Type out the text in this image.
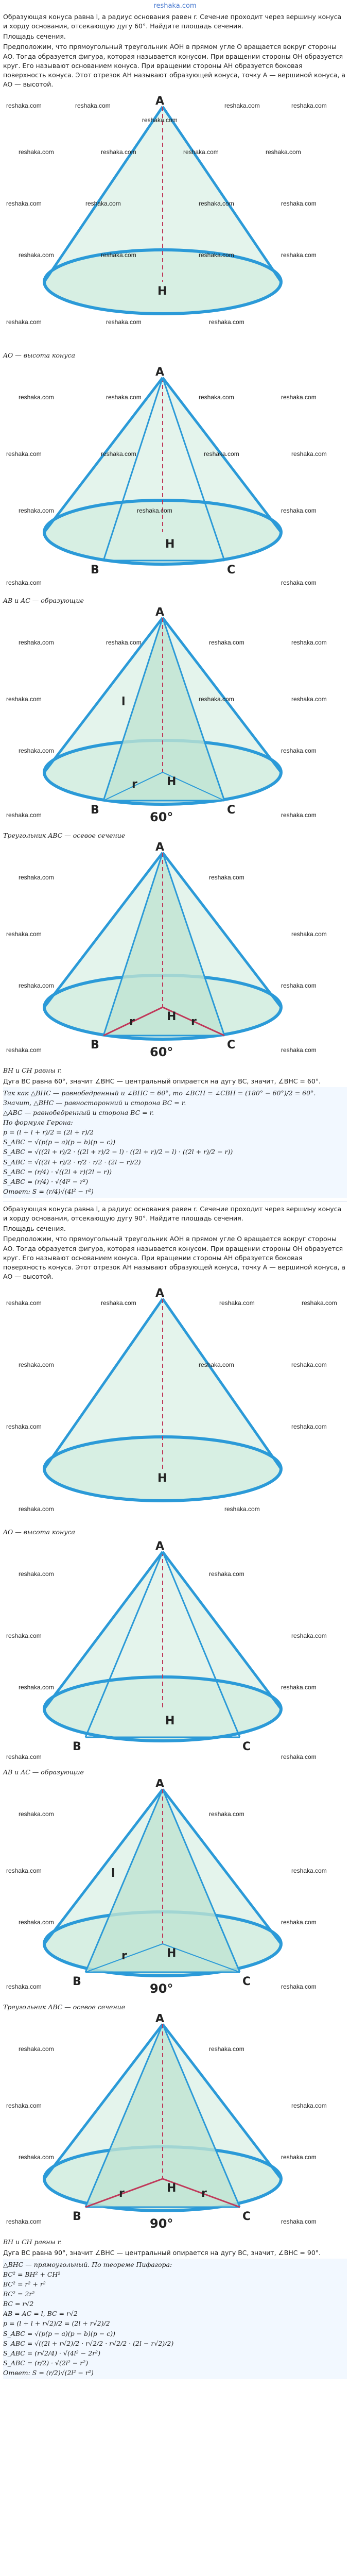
reshaka.com

Образующая конуса равна l, а радиус основания равен r. Сечение проходит через вершину конуса и хорду основания, отсекающую дугу 60°. Найдите площадь сечения.

Площадь сечения.

Предположим, что прямоугольный треугольник AOH в прямом угле O вращается вокруг стороны AO. Тогда образуется фигура, которая называется конусом. При вращении стороны OH образуется круг. Его называют основанием конуса. При вращении стороны AH образуется боковая поверхность конуса. Этот отрезок AH называют образующей конуса, точку A — вершиной конуса, а AO — высотой.

A
H
reshaka.com	reshaka.com
reshaka.com
reshaka.com	reshaka.com
reshaka.com	reshaka.com	reshaka.com	reshaka.com
reshaka.com	reshaka.com	reshaka.com	reshaka.com
reshaka.com	reshaka.com	reshaka.com	reshaka.com
reshaka.com	reshaka.com	reshaka.com

AO — высота конуса

A
H
B	C
reshaka.com	reshaka.com	reshaka.com	reshaka.com
reshaka.com	reshaka.com	reshaka.com	reshaka.com
reshaka.com	reshaka.com	reshaka.com
reshaka.com	reshaka.com

AB и AC — образующие

A
H
B	C
l
r
60°
reshaka.com	reshaka.com	reshaka.com	reshaka.com
reshaka.com	reshaka.com	reshaka.com
reshaka.com	reshaka.com
reshaka.com	reshaka.com

Треугольник ABC — осевое сечение

A
H
B	C
r	r
60°
reshaka.com	reshaka.com
reshaka.com	reshaka.com
reshaka.com	reshaka.com
reshaka.com	reshaka.com

BH и CH равны r.

Дуга BC равна 60°, значит ∠BHC — центральный опирается на дугу BC, значит, ∠BHC = 60°.

Так как △BHC — равнобедренный и ∠BHC = 60°, то ∠BCH = ∠CBH = (180° − 60°)/2 = 60°.

Значит, △BHC — равносторонний и сторона BC = r.

△ABC — равнобедренный и сторона BC = r.

По формуле Герона:

p = (l + l + r)/2 = (2l + r)/2

S_ABC = √(p(p − a)(p − b)(p − c))

S_ABC = √((2l + r)/2 · ((2l + r)/2 − l) · ((2l + r)/2 − l) · ((2l + r)/2 − r))

S_ABC = √((2l + r)/2 · r/2 · r/2 · (2l − r)/2)

S_ABC = (r/4) · √((2l + r)(2l − r))

S_ABC = (r/4) · √(4l² − r²)

Ответ: S = (r/4)√(4l² − r²)

Образующая конуса равна l, а радиус основания равен r. Сечение проходит через вершину конуса и хорду основания, отсекающую дугу 90°. Найдите площадь сечения.

Площадь сечения.

Предположим, что прямоугольный треугольник AOH в прямом угле O вращается вокруг стороны AO. Тогда образуется фигура, которая называется конусом. При вращении стороны OH образуется круг. Его называют основанием конуса. При вращении стороны AH образуется боковая поверхность конуса. Этот отрезок AH называют образующей конуса, точку A — вершиной конуса, а AO — высотой.

A
H
reshaka.com	reshaka.com	reshaka.com	reshaka.com
reshaka.com	reshaka.com	reshaka.com
reshaka.com	reshaka.com
reshaka.com	reshaka.com

AO — высота конуса

A
H
B	C
reshaka.com	reshaka.com
reshaka.com	reshaka.com
reshaka.com	reshaka.com
reshaka.com	reshaka.com

AB и AC — образующие

A
H
B	C
l
r
90°
reshaka.com	reshaka.com
reshaka.com	reshaka.com
reshaka.com	reshaka.com
reshaka.com	reshaka.com

Треугольник ABC — осевое сечение

A
H
B	C
r	r
90°
reshaka.com	reshaka.com
reshaka.com	reshaka.com
reshaka.com	reshaka.com
reshaka.com	reshaka.com

BH и CH равны r.

Дуга BC равна 90°, значит ∠BHC — центральный опирается на дугу BC, значит, ∠BHC = 90°.

△BHC — прямоугольный. По теореме Пифагора:

BC² = BH² + CH²

BC² = r² + r²

BC² = 2r²

BC = r√2

AB = AC = l, BC = r√2

p = (l + l + r√2)/2 = (2l + r√2)/2

S_ABC = √(p(p − a)(p − b)(p − c))

S_ABC = √((2l + r√2)/2 · r√2/2 · r√2/2 · (2l − r√2)/2)

S_ABC = (r√2/4) · √(4l² − 2r²)

S_ABC = (r/2) · √(2l² − r²)

Ответ: S = (r/2)√(2l² − r²)
